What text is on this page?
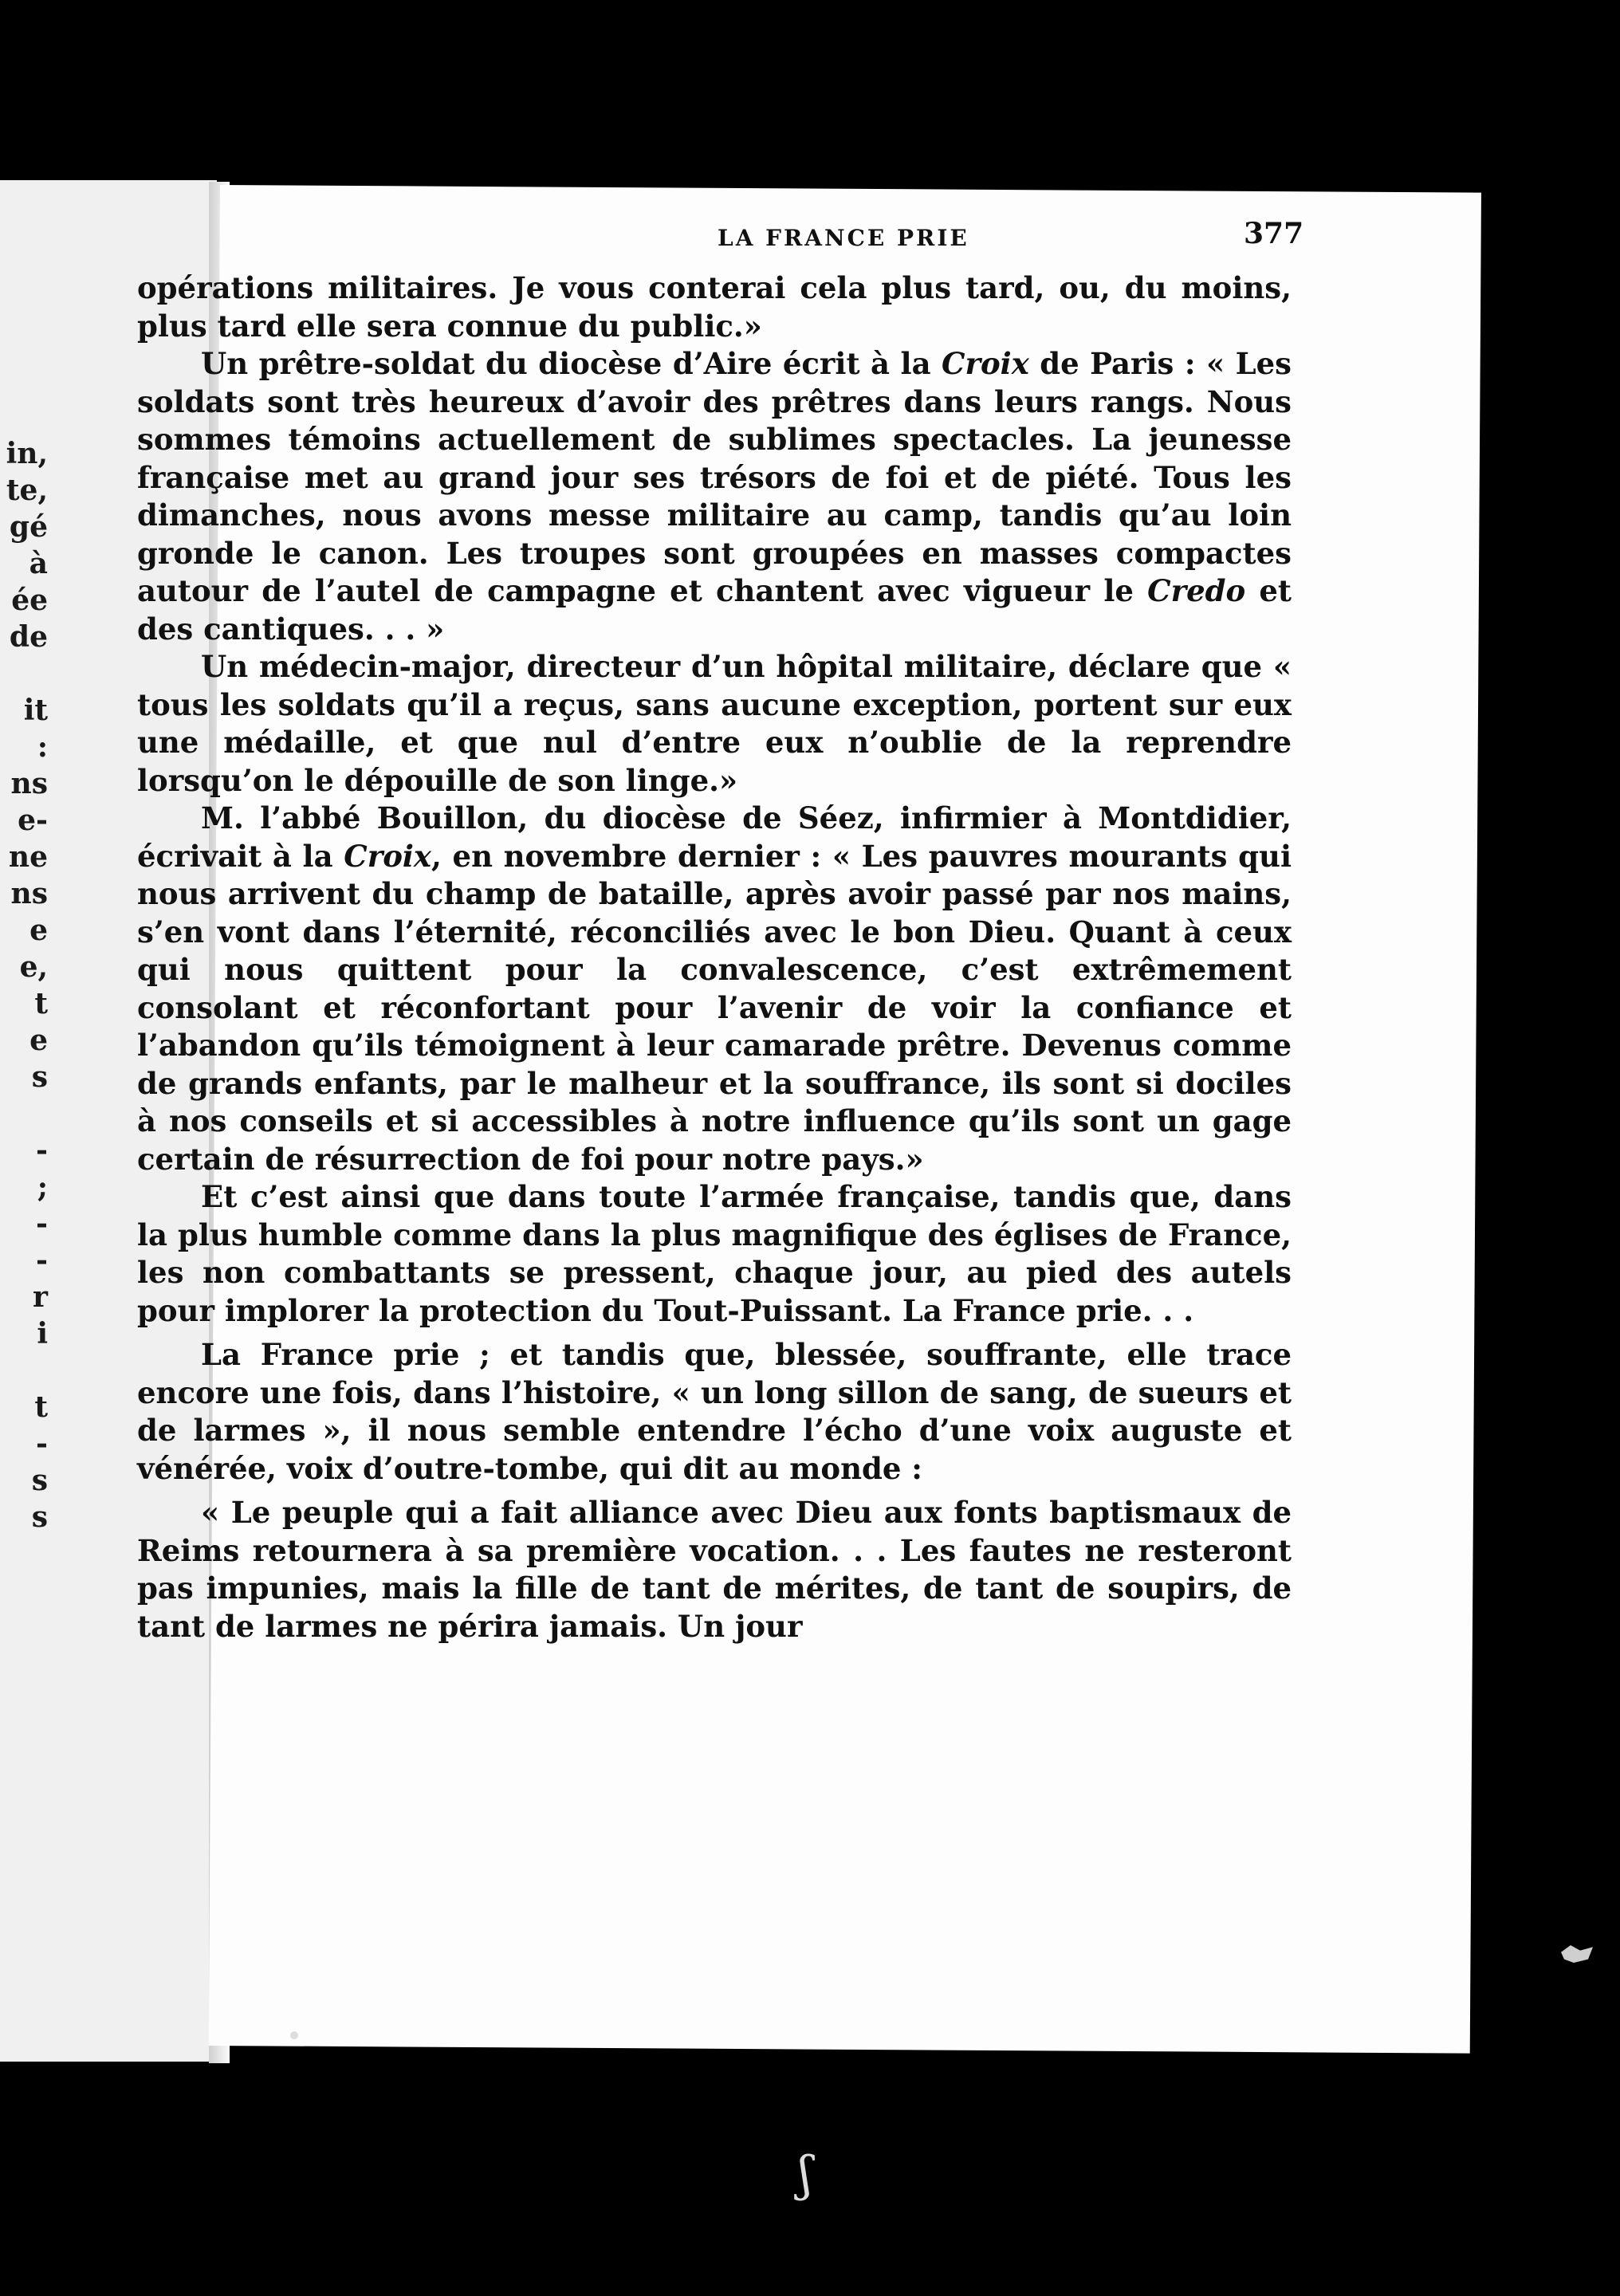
in,
te,
gé
à
ée
de
it
:
ns
e-
ne
ns
e
e,
t
e
s
-
;
-
-
r
i
t
-
s
s
LA FRANCE PRIE	377

opérations militaires. Je vous conterai cela plus tard, ou, du moins, plus tard elle sera connue du public.»

Un prêtre-soldat du diocèse d’Aire écrit à la Croix de Paris : « Les soldats sont très heureux d’avoir des prêtres dans leurs rangs. Nous sommes témoins actuellement de sublimes spectacles. La jeunesse française met au grand jour ses trésors de foi et de piété. Tous les dimanches, nous avons messe militaire au camp, tandis qu’au loin gronde le canon. Les troupes sont groupées en masses compactes autour de l’autel de campagne et chantent avec vigueur le Credo et des cantiques. . . »

Un médecin-major, directeur d’un hôpital militaire, déclare que « tous les soldats qu’il a reçus, sans aucune exception, portent sur eux une médaille, et que nul d’entre eux n’oublie de la reprendre lorsqu’on le dépouille de son linge.»

M. l’abbé Bouillon, du diocèse de Séez, infirmier à Montdidier, écrivait à la Croix, en novembre dernier : « Les pauvres mourants qui nous arrivent du champ de bataille, après avoir passé par nos mains, s’en vont dans l’éternité, réconciliés avec le bon Dieu. Quant à ceux qui nous quittent pour la convalescence, c’est extrêmement consolant et réconfortant pour l’avenir de voir la confiance et l’abandon qu’ils témoignent à leur camarade prêtre. Devenus comme de grands enfants, par le malheur et la souffrance, ils sont si dociles à nos conseils et si accessibles à notre influence qu’ils sont un gage certain de résurrection de foi pour notre pays.»

Et c’est ainsi que dans toute l’armée française, tandis que, dans la plus humble comme dans la plus magnifique des églises de France, les non combattants se pressent, chaque jour, au pied des autels pour implorer la protection du Tout-Puissant. La France prie. . .

La France prie ; et tandis que, blessée, souffrante, elle trace encore une fois, dans l’histoire, « un long sillon de sang, de sueurs et de larmes », il nous semble entendre l’écho d’une voix auguste et vénérée, voix d’outre-tombe, qui dit au monde :

« Le peuple qui a fait alliance avec Dieu aux fonts baptismaux de Reims retournera à sa première vocation. . . Les fautes ne resteront pas impunies, mais la fille de tant de mérites, de tant de soupirs, de tant de larmes ne périra jamais. Un jour

ʃ
